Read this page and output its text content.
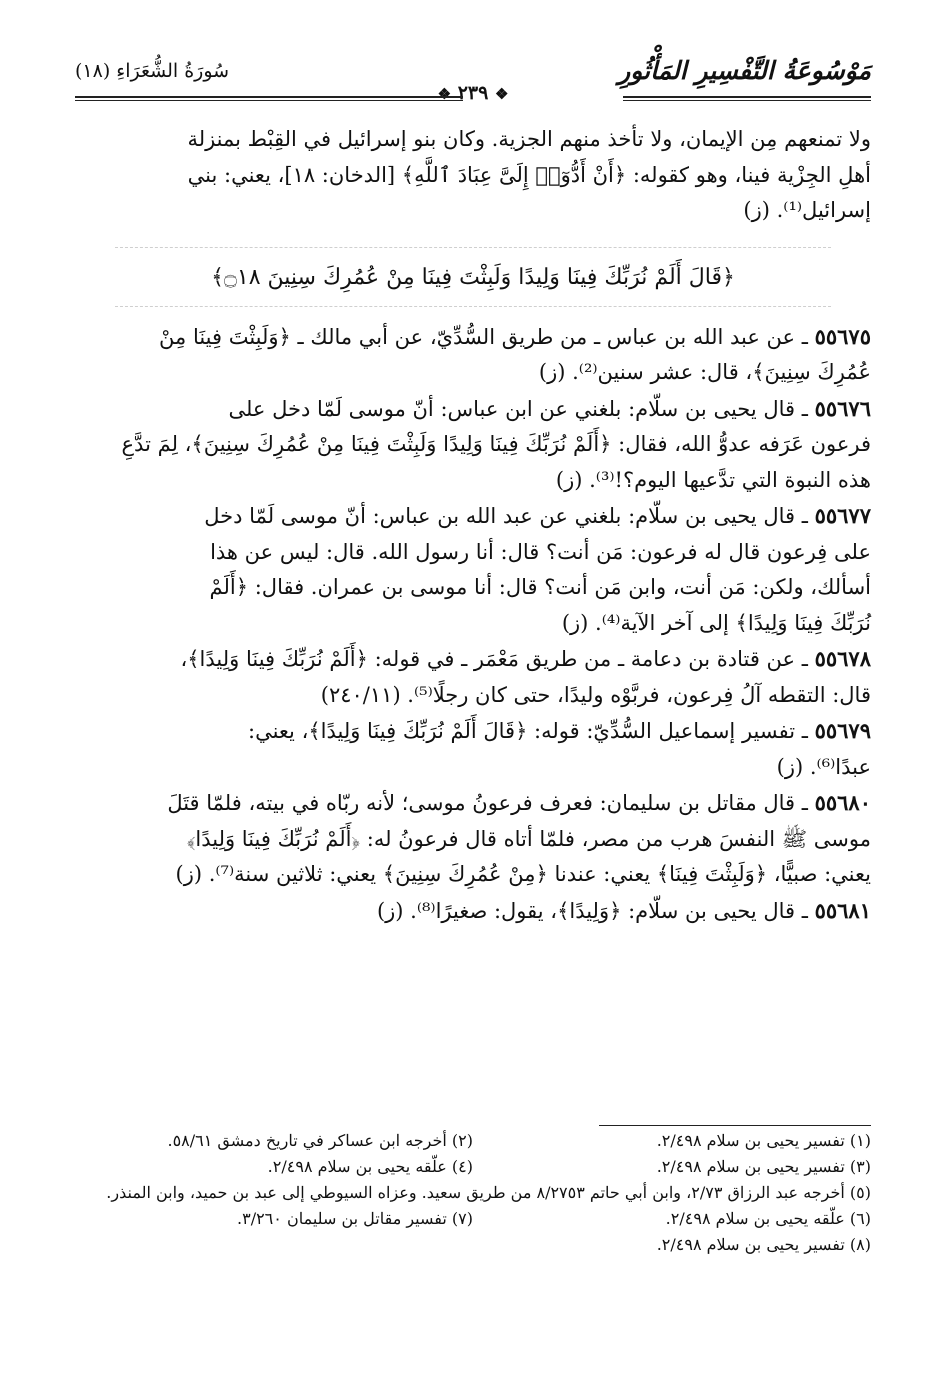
مَوْسُوعَةُ التَّفْسِيرِ المَأْثُورِ
سُورَةُ الشُّعَرَاءِ (١٨)
❖ ٢٣٩ ❖
ولا تمنعهم مِن الإيمان، ولا تأخذ منهم الجزية. وكان بنو إسرائيل في القِبْط بمنزلة
أهلِ الجِزْية فينا، وهو كقوله: ﴿أَنْ أَدُّوٓا۟ إِلَىَّ عِبَادَ ٱللَّهِ﴾ [الدخان: ١٨]، يعني: بني
إسرائيل⁽¹⁾. (ز)
﴿قَالَ أَلَمْ نُرَبِّكَ فِينَا وَلِيدًا وَلَبِثْتَ فِينَا مِنْ عُمُرِكَ سِنِينَ ۝١٨﴾
٥٥٦٧٥ ـ عن عبد الله بن عباس ـ من طريق السُّدِّيّ، عن أبي مالك ـ ﴿وَلَبِثْتَ فِينَا مِنْ
عُمُرِكَ سِنِينَ﴾، قال: عشر سنين⁽²⁾. (ز)
٥٥٦٧٦ ـ قال يحيى بن سلّام: بلغني عن ابن عباس: أنّ موسى لَمّا دخل على
فرعون عَرَفه عدوُّ الله، فقال: ﴿أَلَمْ نُرَبِّكَ فِينَا وَلِيدًا وَلَبِثْتَ فِينَا مِنْ عُمُرِكَ سِنِينَ﴾، لِمَ تدَّعِ
هذه النبوة التي تدَّعيها اليوم؟!⁽³⁾. (ز)
٥٥٦٧٧ ـ قال يحيى بن سلّام: بلغني عن عبد الله بن عباس: أنّ موسى لَمّا دخل
على فِرعون قال له فرعون: مَن أنت؟ قال: أنا رسول الله. قال: ليس عن هذا
أسألك، ولكن: مَن أنت، وابن مَن أنت؟ قال: أنا موسى بن عمران. فقال: ﴿أَلَمْ
نُرَبِّكَ فِينَا وَلِيدًا﴾ إلى آخر الآية⁽⁴⁾. (ز)
٥٥٦٧٨ ـ عن قتادة بن دعامة ـ من طريق مَعْمَر ـ في قوله: ﴿أَلَمْ نُرَبِّكَ فِينَا وَلِيدًا﴾،
قال: التقطه آلُ فِرعون، فربَّوْه وليدًا، حتى كان رجلًا⁽⁵⁾. (٢٤٠/١١)
٥٥٦٧٩ ـ تفسير إسماعيل السُّدِّيّ: قوله: ﴿قَالَ أَلَمْ نُرَبِّكَ فِينَا وَلِيدًا﴾، يعني:
عبدًا⁽⁶⁾. (ز)
٥٥٦٨٠ ـ قال مقاتل بن سليمان: فعرف فرعونُ موسى؛ لأنه ربّاه في بيته، فلمّا قتَلَ
موسى ﷺ النفسَ هرب من مصر، فلمّا أتاه قال فرعونُ له: ﴿أَلَمْ نُرَبِّكَ فِينَا وَلِيدًا﴾
يعني: صبيًّا، ﴿وَلَبِثْتَ فِينَا﴾ يعني: عندنا ﴿مِنْ عُمُرِكَ سِنِينَ﴾ يعني: ثلاثين سنة⁽⁷⁾. (ز)
٥٥٦٨١ ـ قال يحيى بن سلّام: ﴿وَلِيدًا﴾، يقول: صغيرًا⁽⁸⁾. (ز)
(١) تفسير يحيى بن سلام ٢/٤٩٨.
(٢) أخرجه ابن عساكر في تاريخ دمشق ٥٨/٦١.
(٣) تفسير يحيى بن سلام ٢/٤٩٨.
(٤) علّقه يحيى بن سلام ٢/٤٩٨.
(٥) أخرجه عبد الرزاق ٢/٧٣، وابن أبي حاتم ٨/٢٧٥٣ من طريق سعيد. وعزاه السيوطي إلى عبد بن حميد، وابن المنذر.
(٦) علّقه يحيى بن سلام ٢/٤٩٨.
(٧) تفسير مقاتل بن سليمان ٣/٢٦٠.
(٨) تفسير يحيى بن سلام ٢/٤٩٨.
